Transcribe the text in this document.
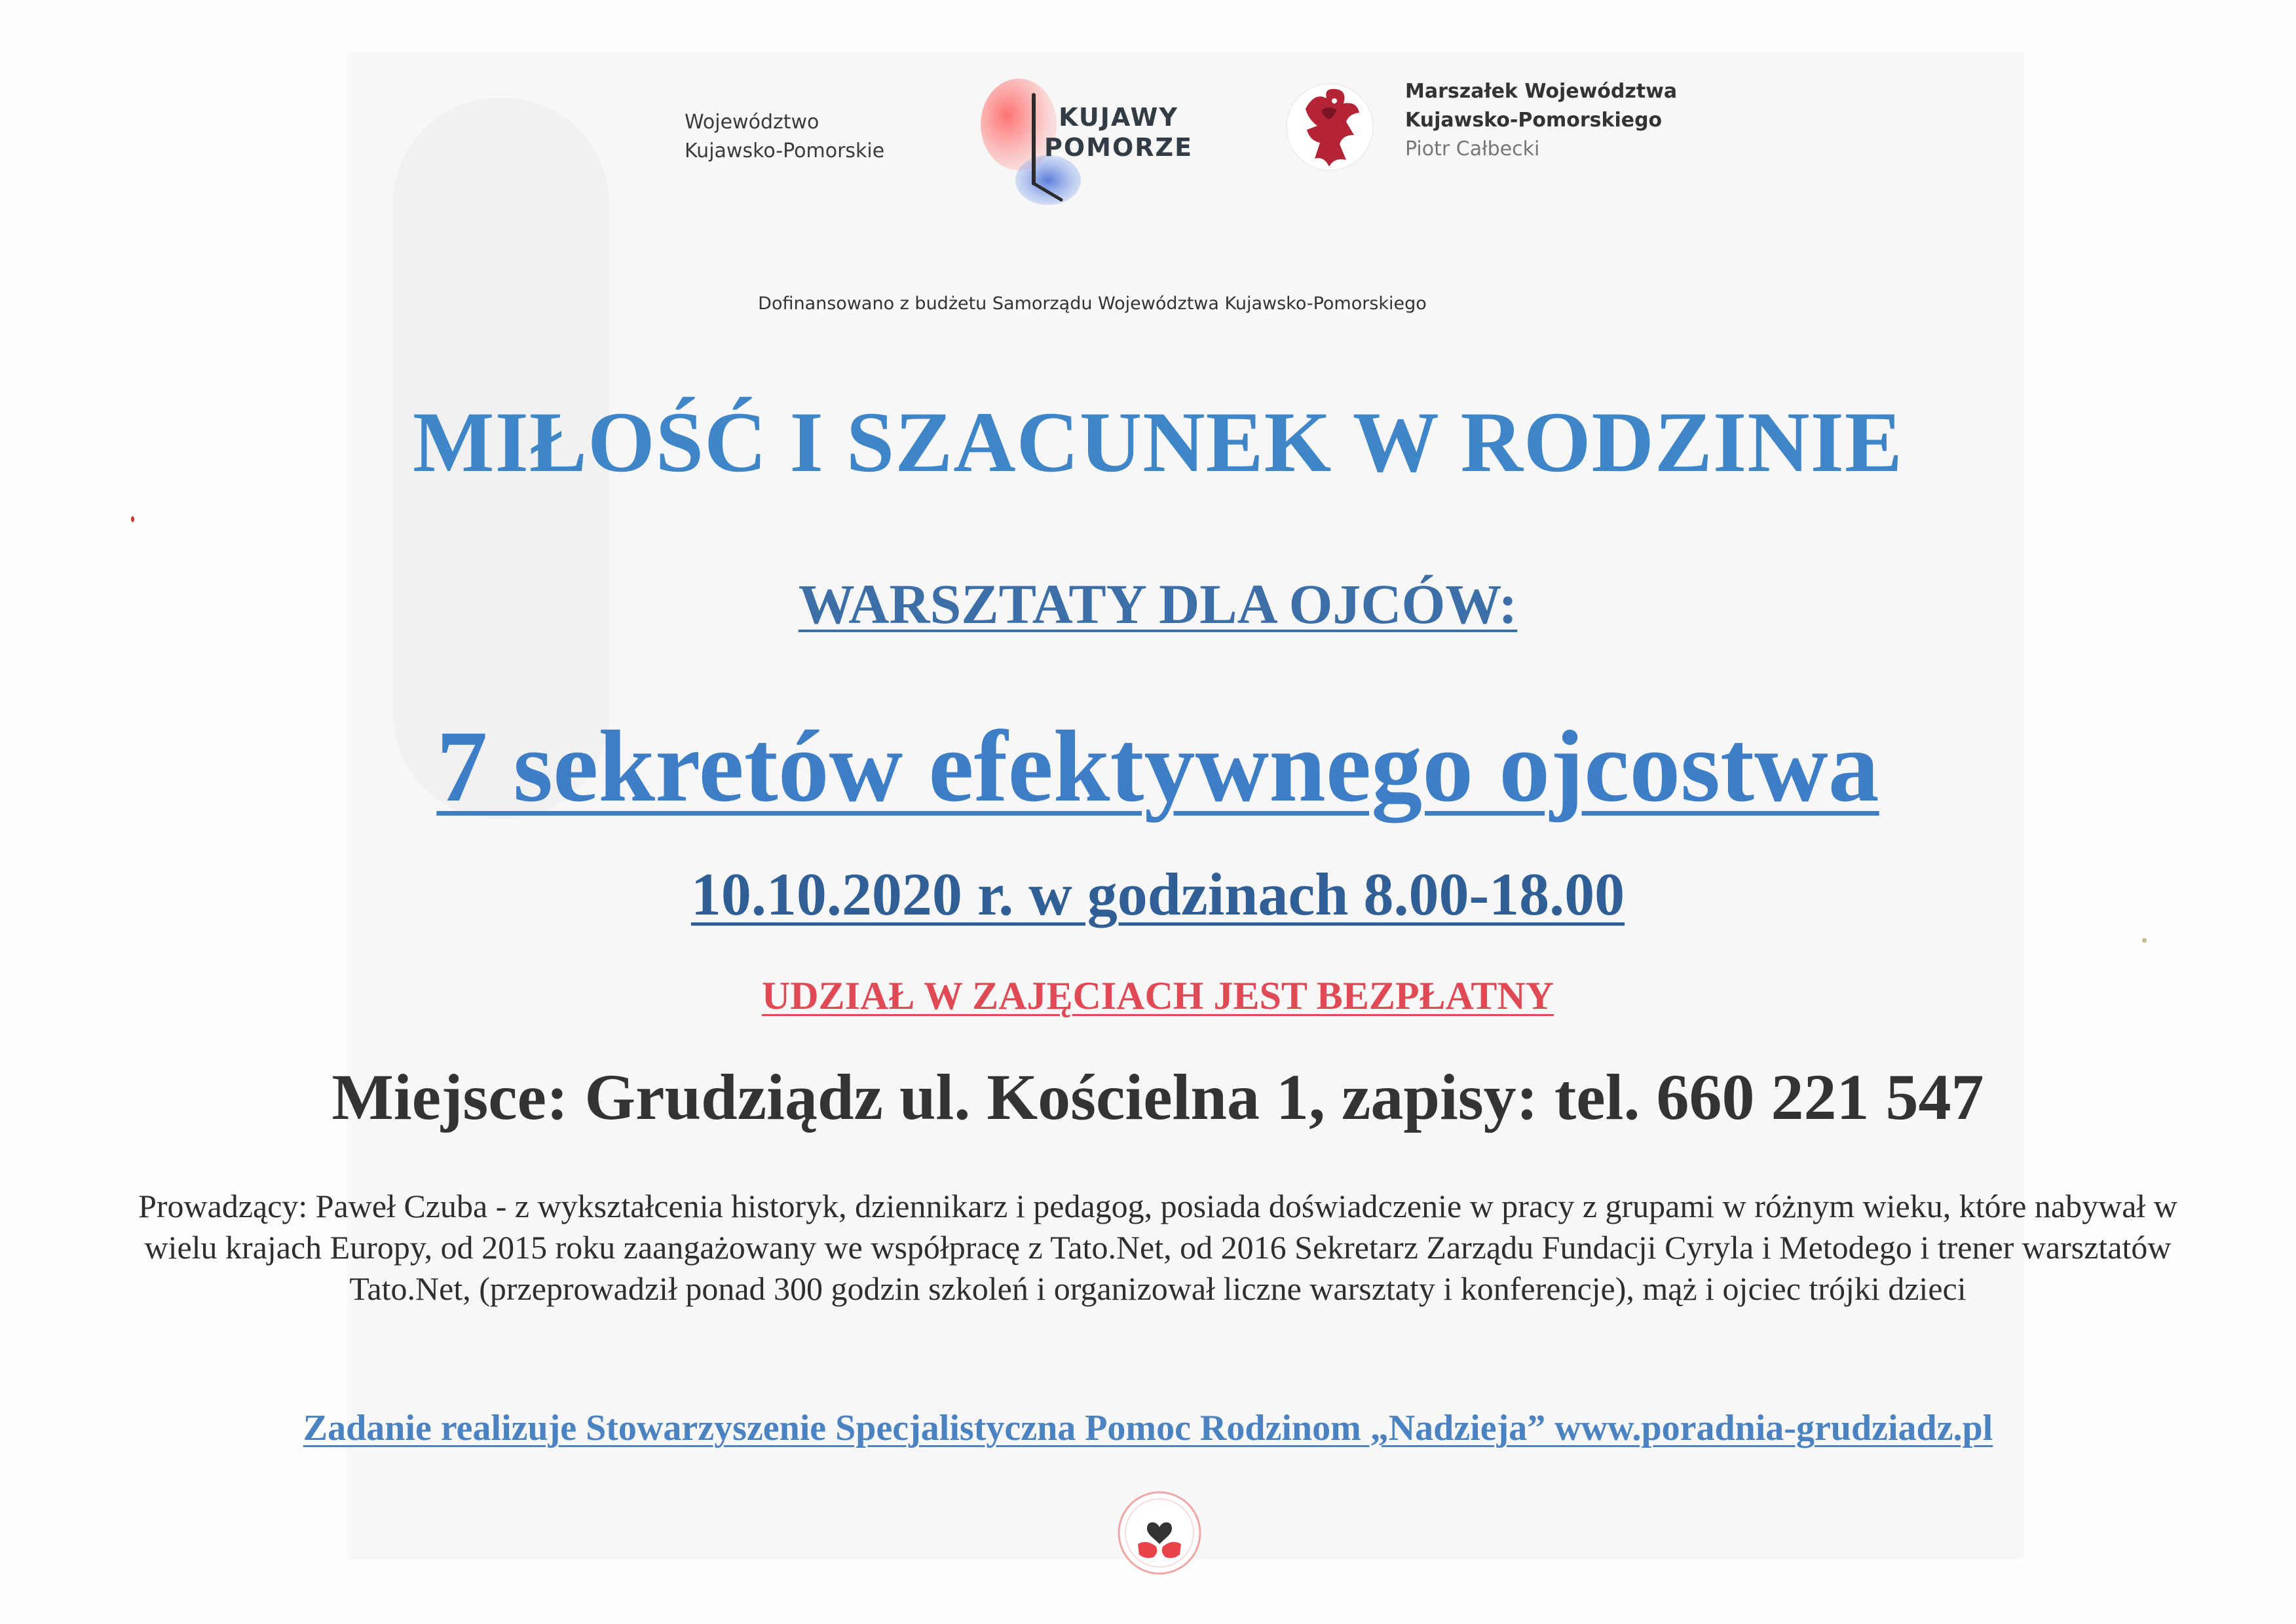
Województwo
Kujawsko-Pomorskie
KUJAWY
POMORZE
Marszałek Województwa
Kujawsko-Pomorskiego
Piotr Całbecki
Dofinansowano z budżetu Samorządu Województwa Kujawsko-Pomorskiego
MIŁOŚĆ I SZACUNEK W RODZINIE
WARSZTATY DLA OJCÓW:
7 sekretów efektywnego ojcostwa
10.10.2020 r. w godzinach 8.00-18.00
UDZIAŁ W ZAJĘCIACH JEST BEZPŁATNY
Miejsce: Grudziądz ul. Kościelna 1, zapisy: tel. 660 221 547
Prowadzący: Paweł Czuba - z wykształcenia historyk, dziennikarz i pedagog, posiada doświadczenie w pracy z grupami w różnym wieku, które nabywał w wielu krajach Europy, od 2015 roku zaangażowany we współpracę z Tato.Net, od 2016 Sekretarz Zarządu Fundacji Cyryla i Metodego i trener warsztatów Tato.Net, (przeprowadził ponad 300 godzin szkoleń i organizował liczne warsztaty i konferencje), mąż i ojciec trójki dzieci
Zadanie realizuje Stowarzyszenie Specjalistyczna Pomoc Rodzinom „Nadzieja” www.poradnia-grudziadz.pl
